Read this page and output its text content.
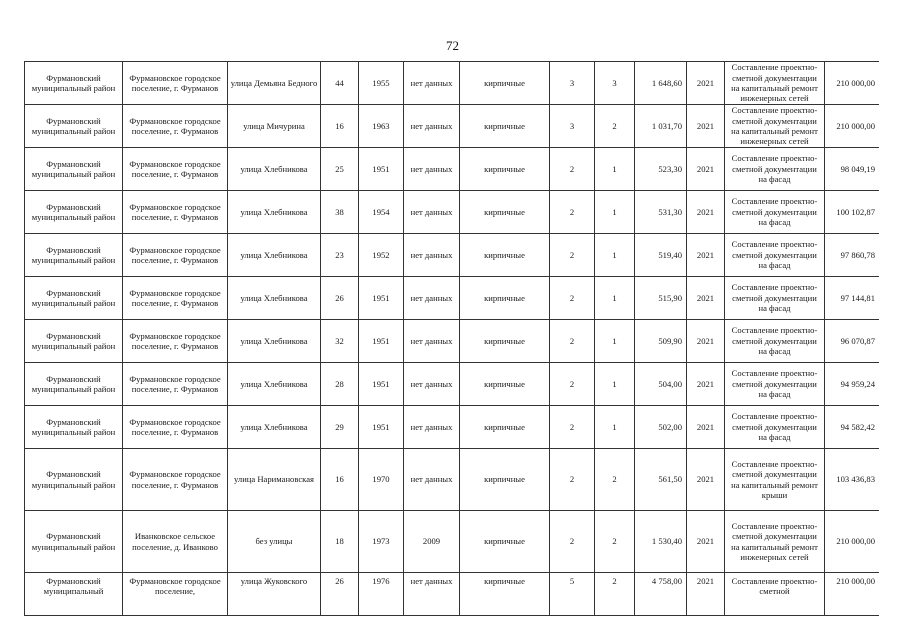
72
Фурмановский муниципальный район	Фурмановское городское поселение, г. Фурманов	улица Демьяна Бедного	44	1955	нет данных	кирпичные	3	3	1 648,60	2021	Составление проектно-сметной документации на капитальный ремонт инженерных сетей	210 000,00
Фурмановский муниципальный район	Фурмановское городское поселение, г. Фурманов	улица Мичурина	16	1963	нет данных	кирпичные	3	2	1 031,70	2021	Составление проектно-сметной документации на капитальный ремонт инженерных сетей	210 000,00
Фурмановский муниципальный район	Фурмановское городское поселение, г. Фурманов	улица Хлебникова	25	1951	нет данных	кирпичные	2	1	523,30	2021	Составление проектно-сметной документации на фасад	98 049,19
Фурмановский муниципальный район	Фурмановское городское поселение, г. Фурманов	улица Хлебникова	38	1954	нет данных	кирпичные	2	1	531,30	2021	Составление проектно-сметной документации на фасад	100 102,87
Фурмановский муниципальный район	Фурмановское городское поселение, г. Фурманов	улица Хлебникова	23	1952	нет данных	кирпичные	2	1	519,40	2021	Составление проектно-сметной документации на фасад	97 860,78
Фурмановский муниципальный район	Фурмановское городское поселение, г. Фурманов	улица Хлебникова	26	1951	нет данных	кирпичные	2	1	515,90	2021	Составление проектно-сметной документации на фасад	97 144,81
Фурмановский муниципальный район	Фурмановское городское поселение, г. Фурманов	улица Хлебникова	32	1951	нет данных	кирпичные	2	1	509,90	2021	Составление проектно-сметной документации на фасад	96 070,87
Фурмановский муниципальный район	Фурмановское городское поселение, г. Фурманов	улица Хлебникова	28	1951	нет данных	кирпичные	2	1	504,00	2021	Составление проектно-сметной документации на фасад	94 959,24
Фурмановский муниципальный район	Фурмановское городское поселение, г. Фурманов	улица Хлебникова	29	1951	нет данных	кирпичные	2	1	502,00	2021	Составление проектно-сметной документации на фасад	94 582,42
Фурмановский муниципальный район	Фурмановское городское поселение, г. Фурманов	улица Наримановская	16	1970	нет данных	кирпичные	2	2	561,50	2021	Составление проектно-сметной документации на капитальный ремонт крыши	103 436,83
Фурмановский муниципальный район	Иванковское сельское поселение, д. Иванково	без улицы	18	1973	2009	кирпичные	2	2	1 530,40	2021	Составление проектно-сметной документации на капитальный ремонт инженерных сетей	210 000,00
Фурмановский муниципальный	Фурмановское городское поселение,	улица Жуковского	26	1976	нет данных	кирпичные	5	2	4 758,00	2021	Составление проектно-сметной	210 000,00
